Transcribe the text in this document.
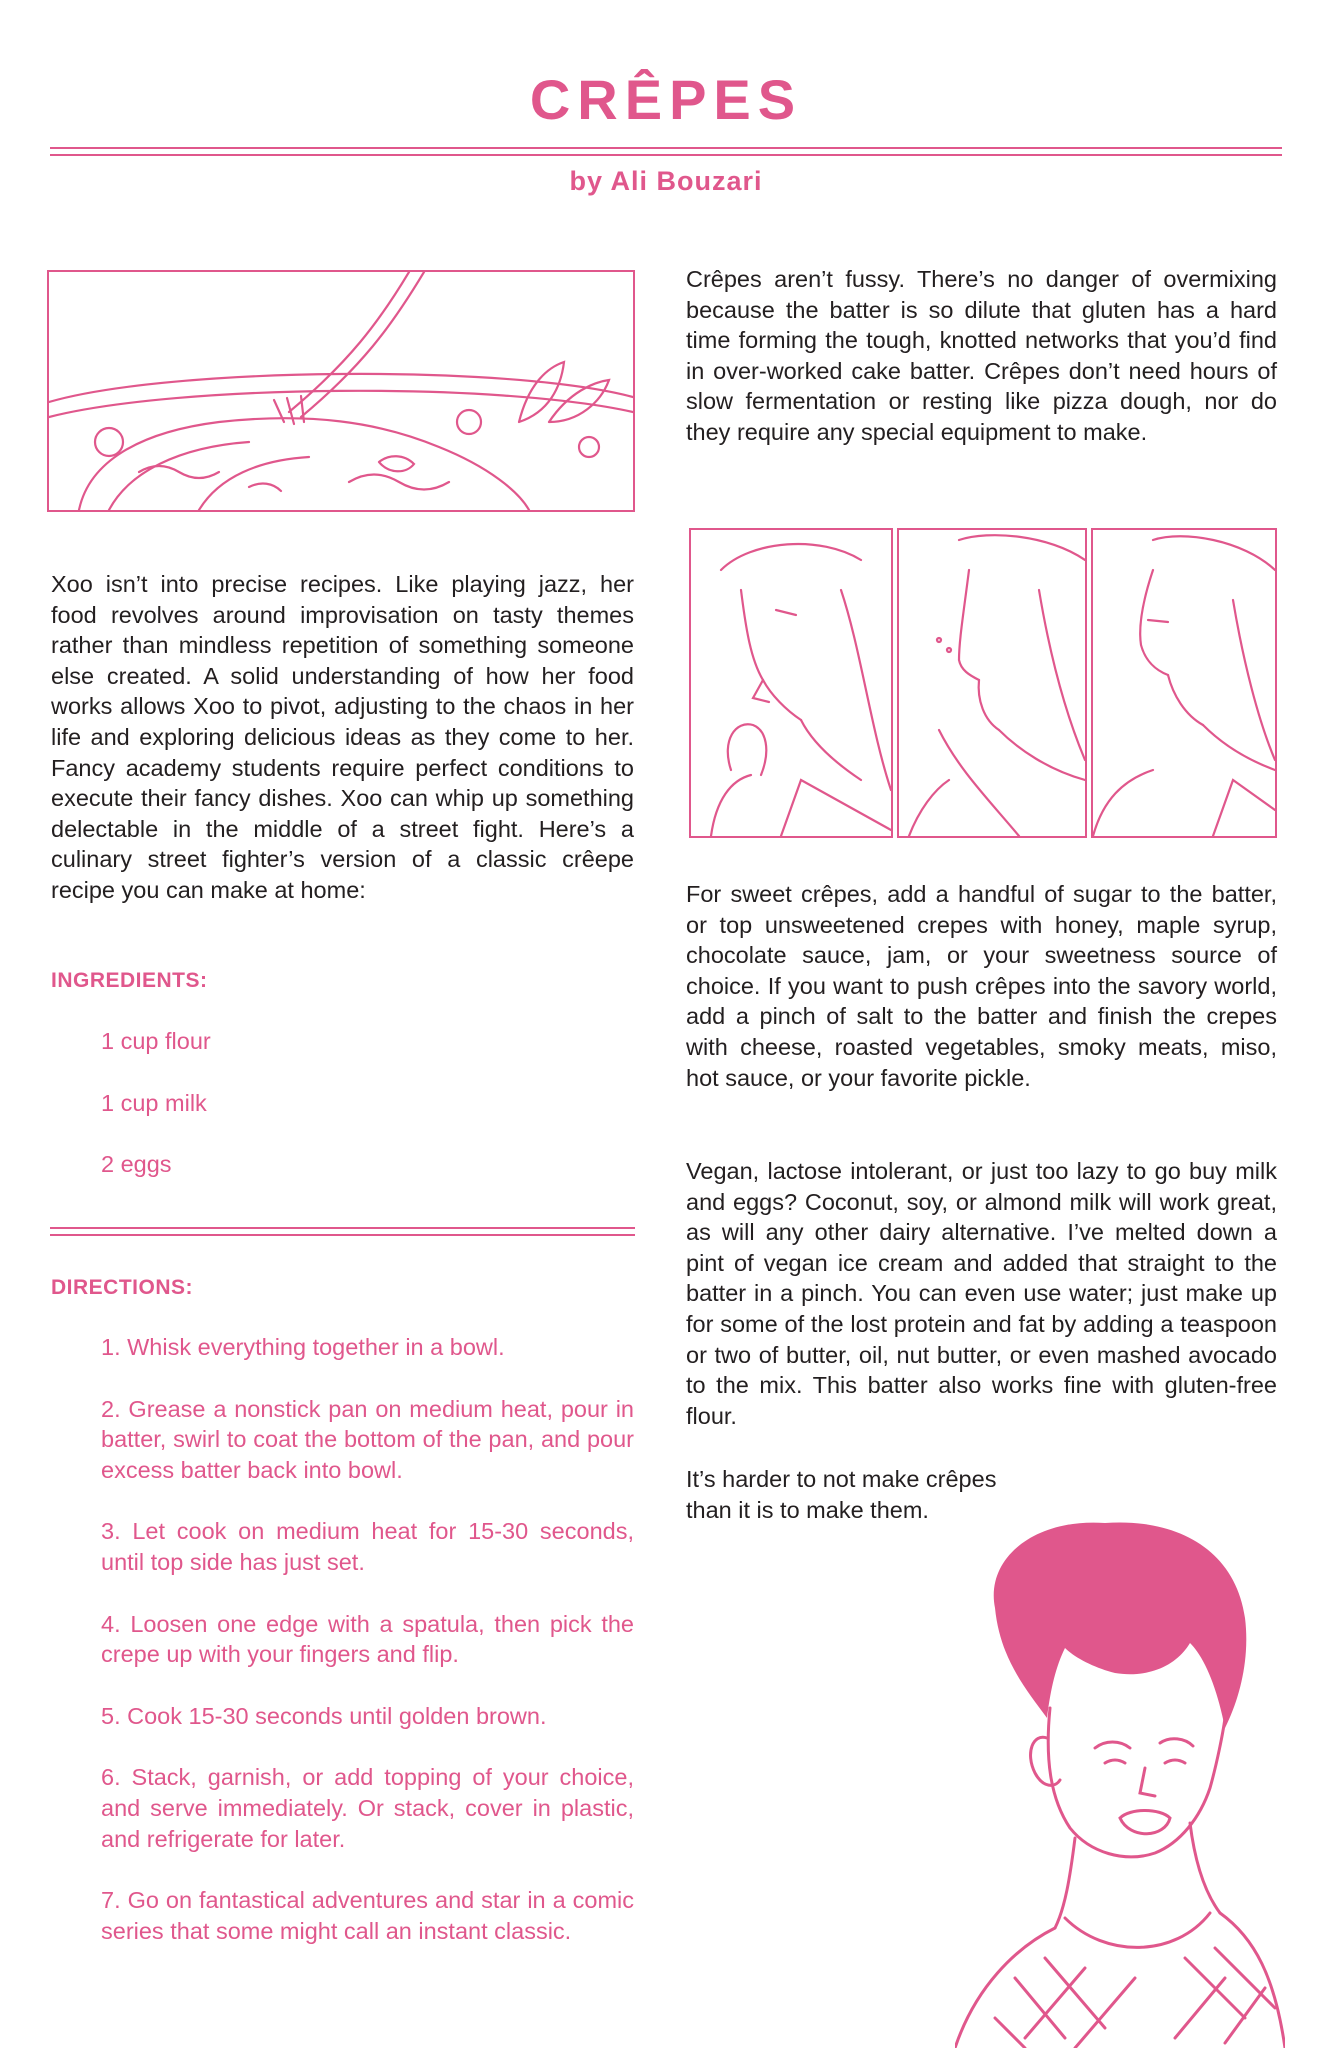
CRÊPES
by Ali Bouzari

Crêpes aren’t fussy. There’s no danger of overmixing because the batter is so dilute that gluten has a hard time forming the tough, knotted networks that you’d find in over-worked cake batter. Crêpes don’t need hours of slow fermentation or resting like pizza dough, nor do they require any special equipment to make.

Xoo isn’t into precise recipes. Like playing jazz, her food revolves around improvisation on tasty themes rather than mindless repetition of something someone else created. A solid understanding of how her food works allows Xoo to pivot, adjusting to the chaos in her life and exploring delicious ideas as they come to her. Fancy academy students require perfect conditions to execute their fancy dishes. Xoo can whip up something delectable in the middle of a street fight. Here’s a culinary street fighter’s version of a classic crêepe recipe you can make at home:

INGREDIENTS:
1 cup flour
1 cup milk
2 eggs
DIRECTIONS:
1. Whisk everything together in a bowl.
2. Grease a nonstick pan on medium heat, pour in batter, swirl to coat the bottom of the pan, and pour excess batter back into bowl.
3. Let cook on medium heat for 15-30 seconds, until top side has just set.
4. Loosen one edge with a spatula, then pick the crepe up with your fingers and flip.
5. Cook 15-30 seconds until golden brown.
6. Stack, garnish, or add topping of your choice, and serve immediately. Or stack, cover in plastic, and refrigerate for later.
7. Go on fantastical adventures and star in a comic series that some might call an instant classic.

For sweet crêpes, add a handful of sugar to the batter, or top unsweetened crepes with honey, maple syrup, chocolate sauce, jam, or your sweetness source of choice. If you want to push crêpes into the savory world, add a pinch of salt to the batter and finish the crepes with cheese, roasted vegetables, smoky meats, miso, hot sauce, or your favorite pickle.

Vegan, lactose intolerant, or just too lazy to go buy milk and eggs? Coconut, soy, or almond milk will work great, as will any other dairy alternative. I’ve melted down a pint of vegan ice cream and added that straight to the batter in a pinch. You can even use water; just make up for some of the lost protein and fat by adding a teaspoon or two of butter, oil, nut butter, or even mashed avocado to the mix. This batter also works fine with gluten-free flour.

It’s harder to not make crêpes
than it is to make them.
